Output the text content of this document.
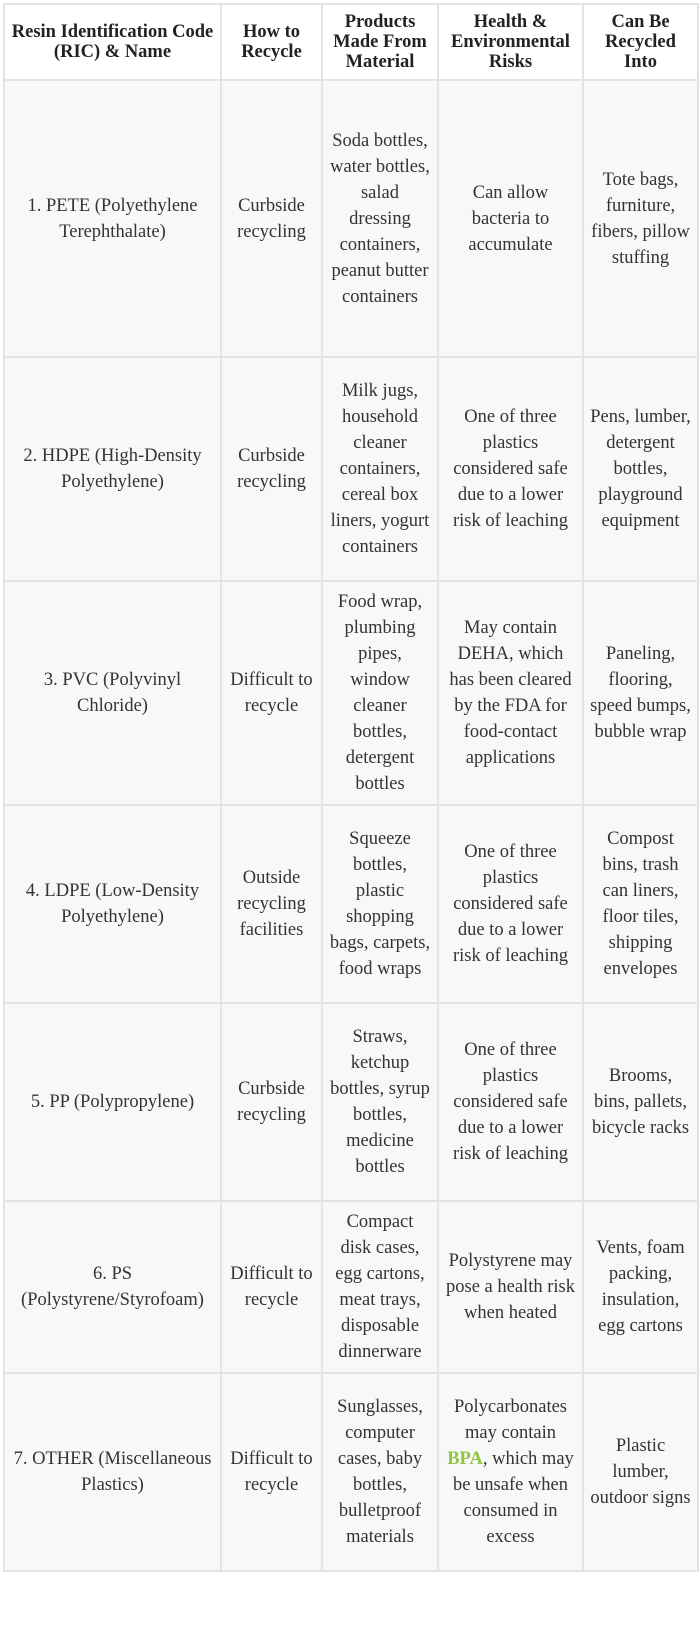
Resin Identification Code (RIC) & Name	How to Recycle	Products Made From Material	Health & Environmental Risks	Can Be Recycled Into
1. PETE (Polyethylene Terephthalate)	Curbside recycling	Soda bottles, water bottles, salad dressing containers, peanut butter containers	Can allow bacteria to accumulate	Tote bags, furniture, fibers, pillow stuffing
2. HDPE (High-Density Polyethylene)	Curbside recycling	Milk jugs, household cleaner containers, cereal box liners, yogurt containers	One of three plastics considered safe due to a lower risk of leaching	Pens, lumber, detergent bottles, playground equipment
3. PVC (Polyvinyl Chloride)	Difficult to recycle	Food wrap, plumbing pipes, window cleaner bottles, detergent bottles	May contain DEHA, which has been cleared by the FDA for food-contact applications	Paneling, flooring, speed bumps, bubble wrap
4. LDPE (Low-Density Polyethylene)	Outside recycling facilities	Squeeze bottles, plastic shopping bags, carpets, food wraps	One of three plastics considered safe due to a lower risk of leaching	Compost bins, trash can liners, floor tiles, shipping envelopes
5. PP (Polypropylene)	Curbside recycling	Straws, ketchup bottles, syrup bottles, medicine bottles	One of three plastics considered safe due to a lower risk of leaching	Brooms, bins, pallets, bicycle racks
6. PS (Polystyrene/Styrofoam)	Difficult to recycle	Compact disk cases, egg cartons, meat trays, disposable dinnerware	Polystyrene may pose a health risk when heated	Vents, foam packing, insulation, egg cartons
7. OTHER (Miscellaneous Plastics)	Difficult to recycle	Sunglasses, computer cases, baby bottles, bulletproof materials	Polycarbonates may contain BPA, which may be unsafe when consumed in excess	Plastic lumber, outdoor signs
